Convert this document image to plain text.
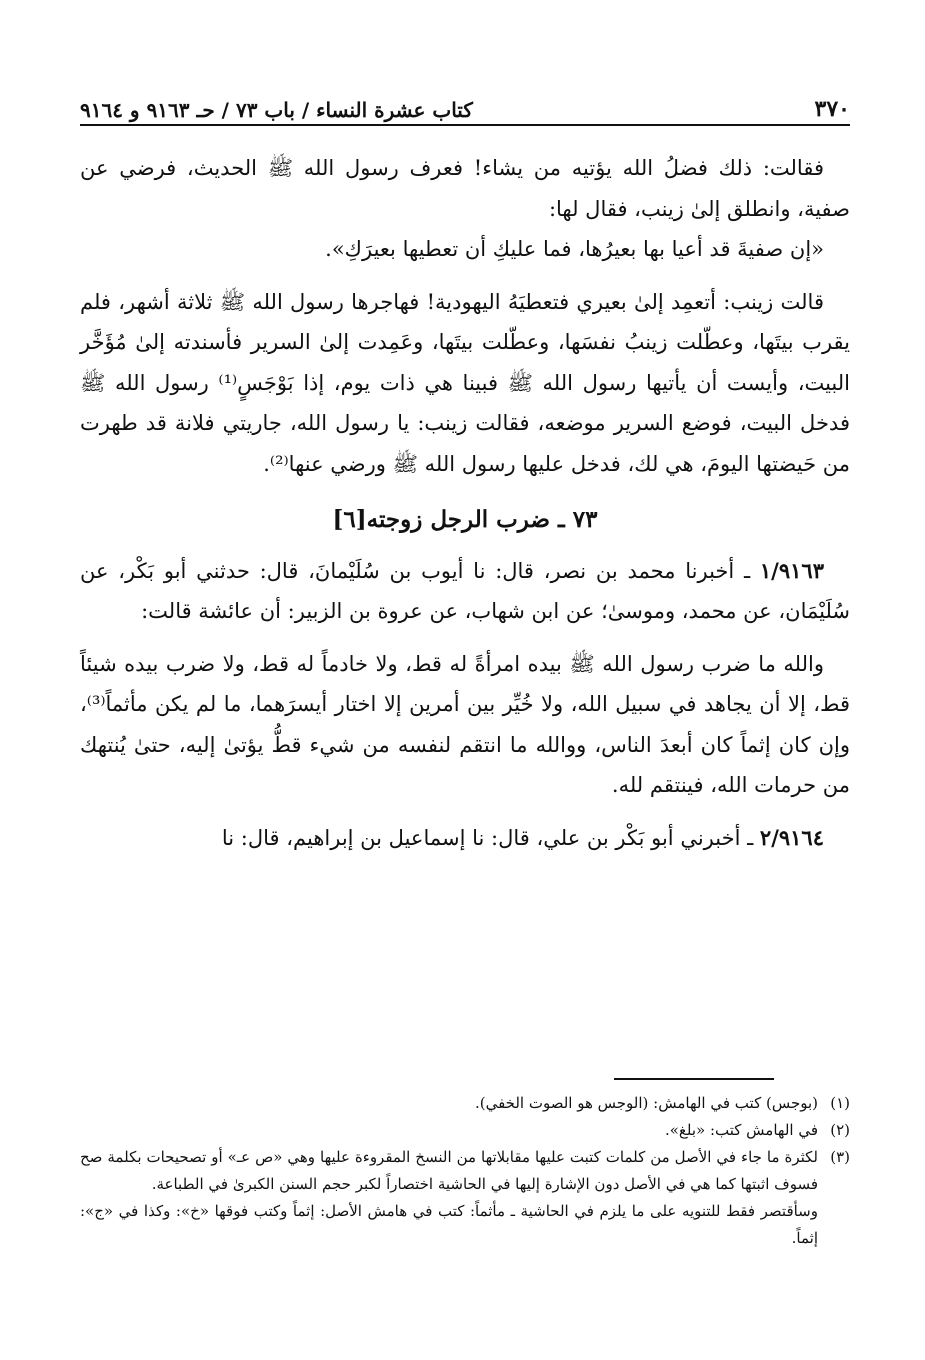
٣٧٠
كتاب عشرة النساء / باب ٧٣ / حـ ٩١٦٣ و ٩١٦٤

فقالت: ذلك فضلُ الله يؤتيه من يشاء! فعرف رسول الله ﷺ الحديث، فرضي عن صفية، وانطلق إلىٰ زينب، فقال لها:

«إن صفيةَ قد أعيا بها بعيرُها، فما عليكِ أن تعطيها بعيرَكِ».

قالت زينب: أتعمِد إلىٰ بعيري فتعطيَهُ اليهودية! فهاجرها رسول الله ﷺ ثلاثة أشهر، فلم يقرب بيتَها، وعطّلت زينبُ نفسَها، وعطّلت بيتَها، وعَمِدت إلىٰ السرير فأسندته إلىٰ مُؤَخَّر البيت، وأيست أن يأتيها رسول الله ﷺ فبينا هي ذات يوم، إذا بَوْجَسٍ⁽¹⁾ رسول الله ﷺ فدخل البيت، فوضع السرير موضعه، فقالت زينب: يا رسول الله، جاريتي فلانة قد طهرت من حَيضتها اليومَ، هي لك، فدخل عليها رسول الله ﷺ ورضي عنها⁽²⁾.

٧٣ ـ ضرب الرجل زوجته[٦]

١/٩١٦٣ ـ أخبرنا محمد بن نصر، قال: نا أيوب بن سُلَيْمانَ، قال: حدثني أبو بَكْر، عن سُلَيْمَان، عن محمد، وموسىٰ؛ عن ابن شهاب، عن عروة بن الزبير: أن عائشة قالت:

والله ما ضرب رسول الله ﷺ بيده امرأةً له قط، ولا خادماً له قط، ولا ضرب بيده شيئاً قط، إلا أن يجاهد في سبيل الله، ولا خُيِّر بين أمرين إلا اختار أيسرَهما، ما لم يكن مأثماً⁽³⁾، وإن كان إثماً كان أبعدَ الناس، ووالله ما انتقم لنفسه من شيء قطُّ يؤتىٰ إليه، حتىٰ يُنتهك من حرمات الله، فينتقم لله.

٢/٩١٦٤ ـ أخبرني أبو بَكْر بن علي، قال: نا إسماعيل بن إبراهيم، قال: نا

(١)
(بوجس) كتب في الهامش: (الوجس هو الصوت الخفي).
(٢)
في الهامش كتب: «بلغ».
(٣)
لكثرة ما جاء في الأصل من كلمات كتبت عليها مقابلاتها من النسخ المقروءة عليها وهي «ص عـ» أو تصحيحات بكلمة صح فسوف اثبتها كما هي في الأصل دون الإشارة إليها في الحاشية اختصاراً لكبر حجم السنن الكبرىٰ في الطباعة.
وسأقتصر فقط للتنويه على ما يلزم في الحاشية ـ مأثماً: كتب في هامش الأصل: إثماً وكتب فوقها «خ»: وكذا في «ج»: إثماً.
